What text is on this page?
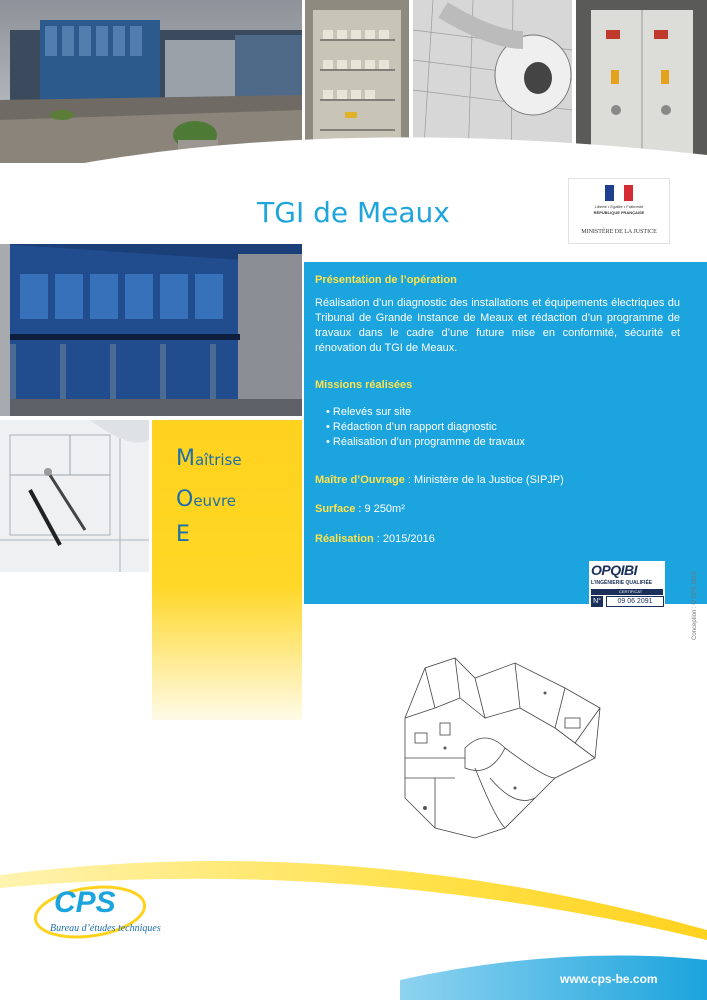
Liberté • Égalité • Fraternité
RÉPUBLIQUE FRANÇAISE
MINISTÈRE DE LA JUSTICE
TGI de Meaux
Maîtrise
Oeuvre
E
Présentation de l’opération
Réalisation d’un diagnostic des installations et équipements électriques du Tribunal de Grande Instance de Meaux et rédaction d’un programme de travaux dans le cadre d’une future mise en conformité, sécurité et rénovation du TGI de Meaux.
Missions réalisées
• Relevés sur site
• Rédaction d’un rapport diagnostic
• Réalisation d’un programme de travaux
Maître d’Ouvrage : Ministère de la Justice (SIPJP)
Surface : 9 250m²
Réalisation : 2015/2016
OPQIBI
L’INGÉNIERIE QUALIFIÉE
CERTIFICAT
N°	09 06 2091	Conception : © CPS 2015
CPS
Bureau d’études techniques
www.cps-be.com
